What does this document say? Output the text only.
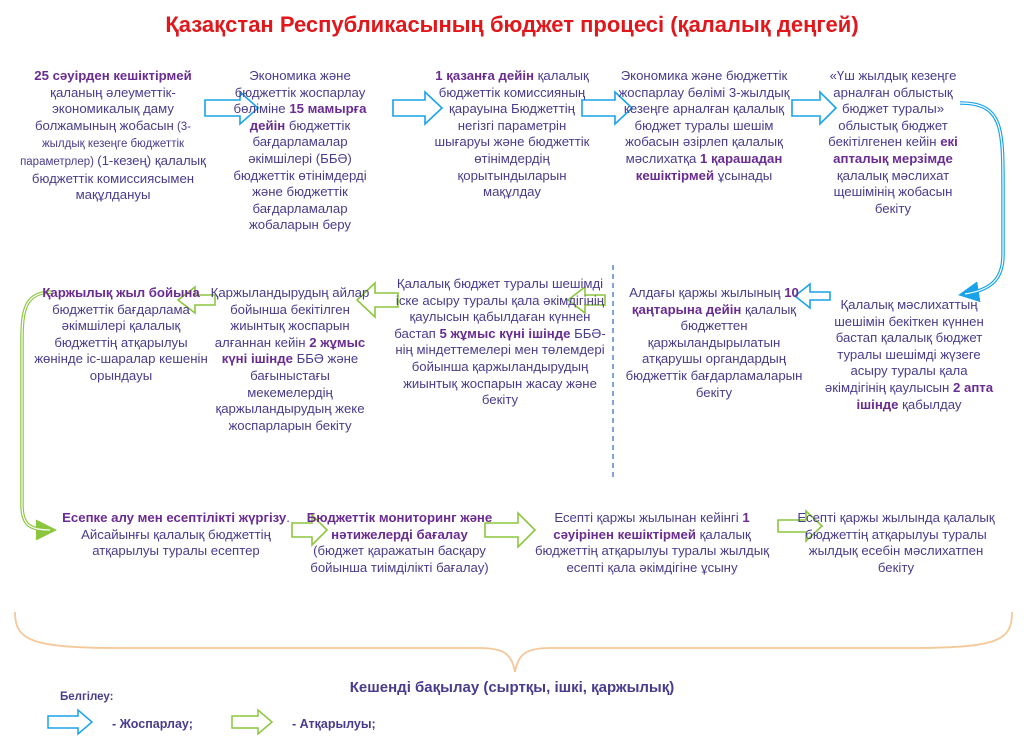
Қазақстан Республикасының бюджет процесі (қалалық деңгей)
25 сәуірден кешіктірмей қаланың әлеуметтік-экономикалық даму болжамының жобасын (3-жылдық кезеңге бюджеттік параметрлер) (1-кезең) қалалық бюджеттік комиссиясымен мақұлдануы
Экономика және бюджеттік жоспарлау бөліміне 15 мамырға дейін бюджеттік бағдарламалар әкімшілері (ББӘ) бюджеттік өтінімдерді және бюджеттік бағдарламалар жобаларын беру
1 қазанға дейін қалалық бюджеттік комиссияның қарауына Бюджеттің негізгі параметрін шығаруы және бюджеттік өтінімдердің қорытындыларын мақұлдау
Экономика және бюджеттік жоспарлау бөлімі 3-жылдық кезеңге арналған қалалық бюджет туралы шешім жобасын әзірлеп қалалық мәслихатқа 1 қарашадан кешіктірмей ұсынады
«Үш жылдық кезеңге арналған облыстық бюджет туралы» облыстық бюджет бекітілгенен кейін екі апталық мерзімде қалалық мәслихат щешімінің жобасын бекіту
Қалалық мәслихаттың шешімін бекіткен күннен бастап қалалық бюджет туралы шешімді жүзеге асыру туралы қала әкімдігінің қаулысын 2 апта ішінде қабылдау
Алдағы қаржы жылының 10 қаңтарына дейін қалалық бюджеттен қаржыландырылатын атқарушы органдардың бюджеттік бағдарламаларын бекіту
Қалалық бюджет туралы шешімді іске асыру туралы қала әкімдігінің қаулысын қабылдаған күннен бастап 5 жұмыс күні ішінде ББӘ-нің міндеттемелері мен төлемдері бойынша қаржыландырудың жиынтық жоспарын жасау және бекіту
Қаржыландырудың айлар бойынша бекітілген жиынтық жоспарын алғаннан кейін 2 жұмыс күні ішінде ББӘ және бағыныстағы мекемелердің қаржыландырудың жеке жоспарларын бекіту
Қаржылық жыл бойына бюджеттік бағдарлама әкімшілері қалалық бюджеттің атқарылуы жөнінде іс-шаралар кешенін орындауы
Есепке алу мен есептілікті жүргізу. Айсайынғы қалалық бюджеттің атқарылуы туралы есептер
Бюджеттік мониторинг және нәтижелерді бағалау
(бюджет қаражатын басқару бойынша тиімділікті бағалау)
Есепті қаржы жылынан кейінгі 1 сәуірінен кешіктірмей қалалық бюджеттің атқарылуы туралы жылдық есепті қала әкімдігіне ұсыну
Есепті қаржы жылында қалалық бюджеттің атқарылуы туралы жылдық есебін мәслихатпен бекіту
Кешенді бақылау (сыртқы, ішкі, қаржылық)
Белгілеу:
- Жоспарлау;	- Атқарылуы;
